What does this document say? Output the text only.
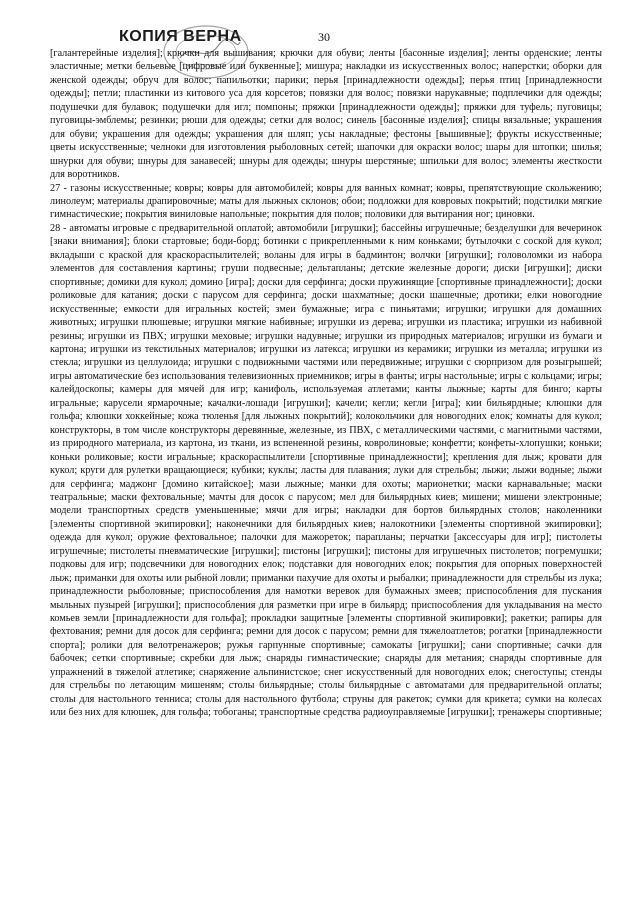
КОПИЯ ВЕРНА	30

[галантерейные изделия]; крючки для вышивания; крючки для обуви; ленты [басонные изделия]; ленты орденские; ленты эластичные; метки бельевые [цифровые или буквенные]; мишура; накладки из искусственных волос; наперстки; оборки для женской одежды; обруч для волос; папильотки; парики; перья [принадлежности одежды]; перья птиц [принадлежности одежды]; петли; пластинки из китового уса для корсетов; повязки для волос; повязки нарукавные; подплечики для одежды; подушечки для булавок; подушечки для игл; помпоны; пряжки [принадлежности одежды]; пряжки для туфель; пуговицы; пуговицы-эмблемы; резинки; рюши для одежды; сетки для волос; синель [басонные изделия]; спицы вязальные; украшения для обуви; украшения для одежды; украшения для шляп; усы накладные; фестоны [вышивные]; фрукты искусственные; цветы искусственные; челноки для изготовления рыболовных сетей; шапочки для окраски волос; шары для штопки; шилья; шнурки для обуви; шнуры для занавесей; шнуры для одежды; шнуры шерстяные; шпильки для волос; элементы жесткости для воротников.

27 - газоны искусственные; ковры; ковры для автомобилей; ковры для ванных комнат; ковры, препятствующие скольжению; линолеум; материалы драпировочные; маты для лыжных склонов; обои; подложки для ковровых покрытий; подстилки мягкие гимнастические; покрытия виниловые напольные; покрытия для полов; половики для вытирания ног; циновки.

28 - автоматы игровые с предварительной оплатой; автомобили [игрушки]; бассейны игрушечные; безделушки для вечеринок [знаки внимания]; блоки стартовые; боди-борд; ботинки с прикрепленными к ним коньками; бутылочки с соской для кукол; вкладыши с краской для краскораспылителей; воланы для игры в бадминтон; волчки [игрушки]; головоломки из набора элементов для составления картины; груши подвесные; дельтапланы; детские железные дороги; диски [игрушки]; диски спортивные; домики для кукол; домино [игра]; доски для серфинга; доски пружинящие [спортивные принадлежности]; доски роликовые для катания; доски с парусом для серфинга; доски шахматные; доски шашечные; дротики; елки новогодние искусственные; емкости для игральных костей; змеи бумажные; игра с пиньятами; игрушки; игрушки для домашних животных; игрушки плюшевые; игрушки мягкие набивные; игрушки из дерева; игрушки из пластика; игрушки из набивной резины; игрушки из ПВХ; игрушки меховые; игрушки надувные; игрушки из природных материалов; игрушки из бумаги и картона; игрушки из текстильных материалов; игрушки из латекса; игрушки из керамики; игрушки из металла; игрушки из стекла; игрушки из целлулоида; игрушки с подвижными частями или передвижные; игрушки с сюрпризом для розыгрышей; игры автоматические без использования телевизионных приемников; игры в фанты; игры настольные; игры с кольцами; игры; калейдоскопы; камеры для мячей для игр; канифоль, используемая атлетами; канты лыжные; карты для бинго; карты игральные; карусели ярмарочные; качалки-лошади [игрушки]; качели; кегли; кегли [игра]; кии бильярдные; клюшки для гольфа; клюшки хоккейные; кожа тюленья [для лыжных покрытий]; колокольчики для новогодних елок; комнаты для кукол; конструкторы, в том числе конструкторы деревянные, железные, из ПВХ, с металлическими частями, с магнитными частями, из природного материала, из картона, из ткани, из вспененной резины, ковролиновые; конфетти; конфеты-хлопушки; коньки; коньки роликовые; кости игральные; краскораспылители [спортивные принадлежности]; крепления для лыж; кровати для кукол; круги для рулетки вращающиеся; кубики; куклы; ласты для плавания; луки для стрельбы; лыжи; лыжи водные; лыжи для серфинга; маджонг [домино китайское]; мази лыжные; манки для охоты; марионетки; маски карнавальные; маски театральные; маски фехтовальные; мачты для досок с парусом; мел для бильярдных киев; мишени; мишени электронные; модели транспортных средств уменьшенные; мячи для игры; накладки для бортов бильярдных столов; наколенники [элементы спортивной экипировки]; наконечники для бильярдных киев; налокотники [элементы спортивной экипировки]; одежда для кукол; оружие фехтовальное; палочки для мажореток; парапланы; перчатки [аксессуары для игр]; пистолеты игрушечные; пистолеты пневматические [игрушки]; пистоны [игрушки]; пистоны для игрушечных пистолетов; погремушки; подковы для игр; подсвечники для новогодних елок; подставки для новогодних елок; покрытия для опорных поверхностей лыж; приманки для охоты или рыбной ловли; приманки пахучие для охоты и рыбалки; принадлежности для стрельбы из лука; принадлежности рыболовные; приспособления для намотки веревок для бумажных змеев; приспособления для пускания мыльных пузырей [игрушки]; приспособления для разметки при игре в бильярд; приспособления для укладывания на место комьев земли [принадлежности для гольфа]; прокладки защитные [элементы спортивной экипировки]; ракетки; рапиры для фехтования; ремни для досок для серфинга; ремни для досок с парусом; ремни для тяжелоатлетов; рогатки [принадлежности спорта]; ролики для велотренажеров; ружья гарпунные спортивные; самокаты [игрушки]; сани спортивные; сачки для бабочек; сетки спортивные; скребки для лыж; снаряды гимнастические; снаряды для метания; снаряды спортивные для упражнений в тяжелой атлетике; снаряжение альпинистское; снег искусственный для новогодних елок; снегоступы; стенды для стрельбы по летающим мишеням; столы бильярдные; столы бильярдные с автоматами для предварительной оплаты; столы для настольного тенниса; столы для настольного футбола; струны для ракеток; сумки для крикета; сумки на колесах или без них для клюшек, для гольфа; тобоганы; транспортные средства радиоуправляемые [игрушки]; тренажеры спортивные;
